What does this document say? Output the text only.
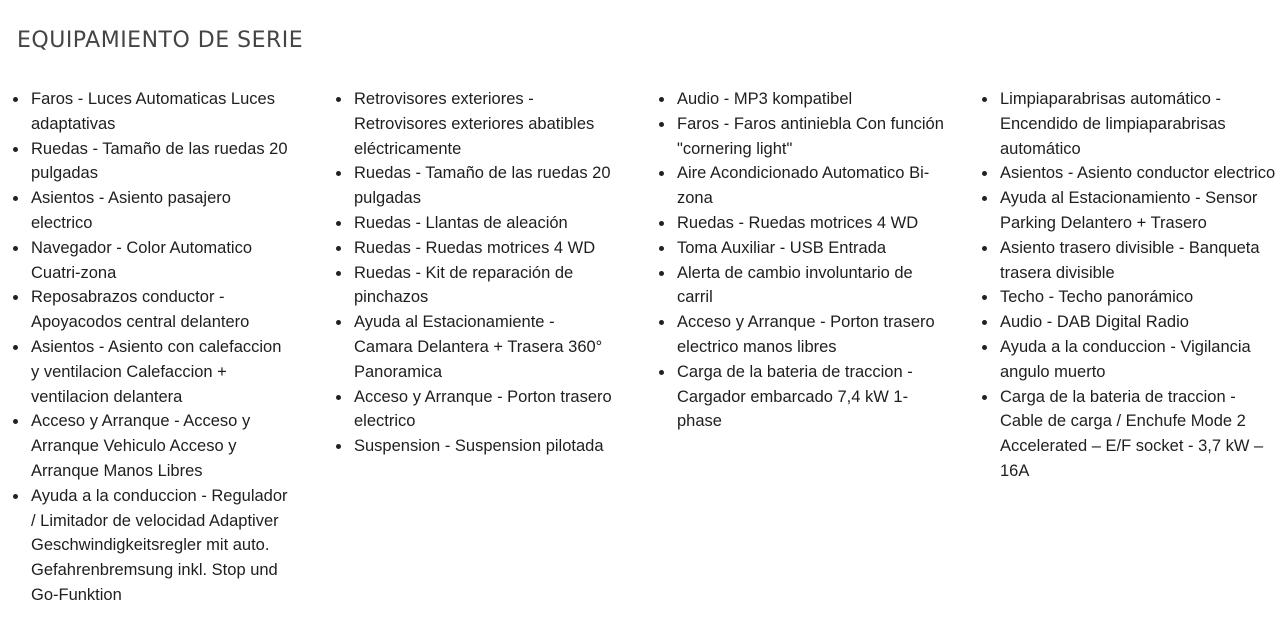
EQUIPAMIENTO DE SERIE
Faros - Luces Automaticas Luces adaptativas
Ruedas - Tamaño de las ruedas 20 pulgadas
Asientos - Asiento pasajero electrico
Navegador - Color Automatico Cuatri-zona
Reposabrazos conductor - Apoyacodos central delantero
Asientos - Asiento con calefaccion y ventilacion Calefaccion + ventilacion delantera
Acceso y Arranque - Acceso y Arranque Vehiculo Acceso y Arranque Manos Libres
Ayuda a la conduccion - Regulador / Limitador de velocidad Adaptiver Geschwindigkeitsregler mit auto. Gefahrenbremsung inkl. Stop und Go-Funktion
Retrovisores exteriores - Retrovisores exteriores abatibles eléctricamente
Ruedas - Tamaño de las ruedas 20 pulgadas
Ruedas - Llantas de aleación
Ruedas - Ruedas motrices 4 WD
Ruedas - Kit de reparación de pinchazos
Ayuda al Estacionamiente - Camara Delantera + Trasera 360° Panoramica
Acceso y Arranque - Porton trasero electrico
Suspension - Suspension pilotada
Audio - MP3 kompatibel
Faros - Faros antiniebla Con función "cornering light"
Aire Acondicionado Automatico Bi-zona
Ruedas - Ruedas motrices 4 WD
Toma Auxiliar - USB Entrada
Alerta de cambio involuntario de carril
Acceso y Arranque - Porton trasero electrico manos libres
Carga de la bateria de traccion - Cargador embarcado 7,4 kW 1-phase
Limpiaparabrisas automático - Encendido de limpiaparabrisas automático
Asientos - Asiento conductor electrico
Ayuda al Estacionamiento - Sensor Parking Delantero + Trasero
Asiento trasero divisible - Banqueta trasera divisible
Techo - Techo panorámico
Audio - DAB Digital Radio
Ayuda a la conduccion - Vigilancia angulo muerto
Carga de la bateria de traccion - Cable de carga / Enchufe Mode 2 Accelerated – E/F socket - 3,7 kW – 16A
